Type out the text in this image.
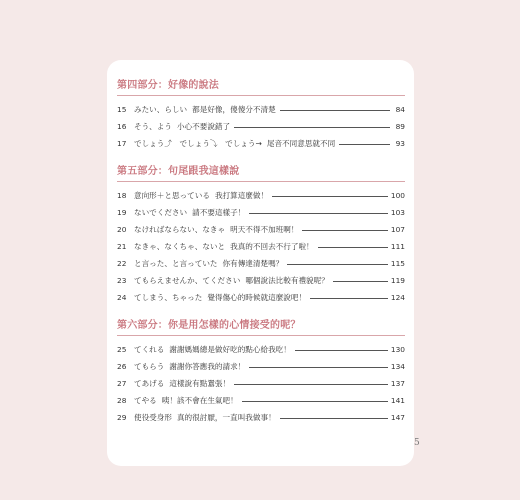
第四部分：好像的說法
15 みたい、らしい 都是好像，傻傻分不清楚	84
16 そう、よう 小心不要說錯了	89
17 でしょう⤴　でしょう⤵　でしょう→ 尾音不同意思就不同	93
第五部分：句尾跟我這樣說
18 意向形＋と思っている 我打算這麼做！	100
19 ないでください 請不要這樣子！	103
20 なければならない、なきゃ 明天不得不加班啊！	107
21 なきゃ、なくちゃ、ないと 我真的不回去不行了啦！	111
22 と言った、と言っていた 你有傳達清楚嗎？	115
23 てもらえませんか、てください 哪個說法比較有禮貌呢？	119
24 てしまう、ちゃった 覺得傷心的時候就這麼說吧！	124
第六部分：你是用怎樣的心情接受的呢？
25 てくれる 謝謝媽媽總是做好吃的點心給我吃！	130
26 てもらう 謝謝你答應我的請求！	134
27 てあげる 這樣說有點囂張！	137
28 てやる 咦！該不會在生氣吧！	141
29 使役受身形 真的很討厭，一直叫我做事！	147
5
